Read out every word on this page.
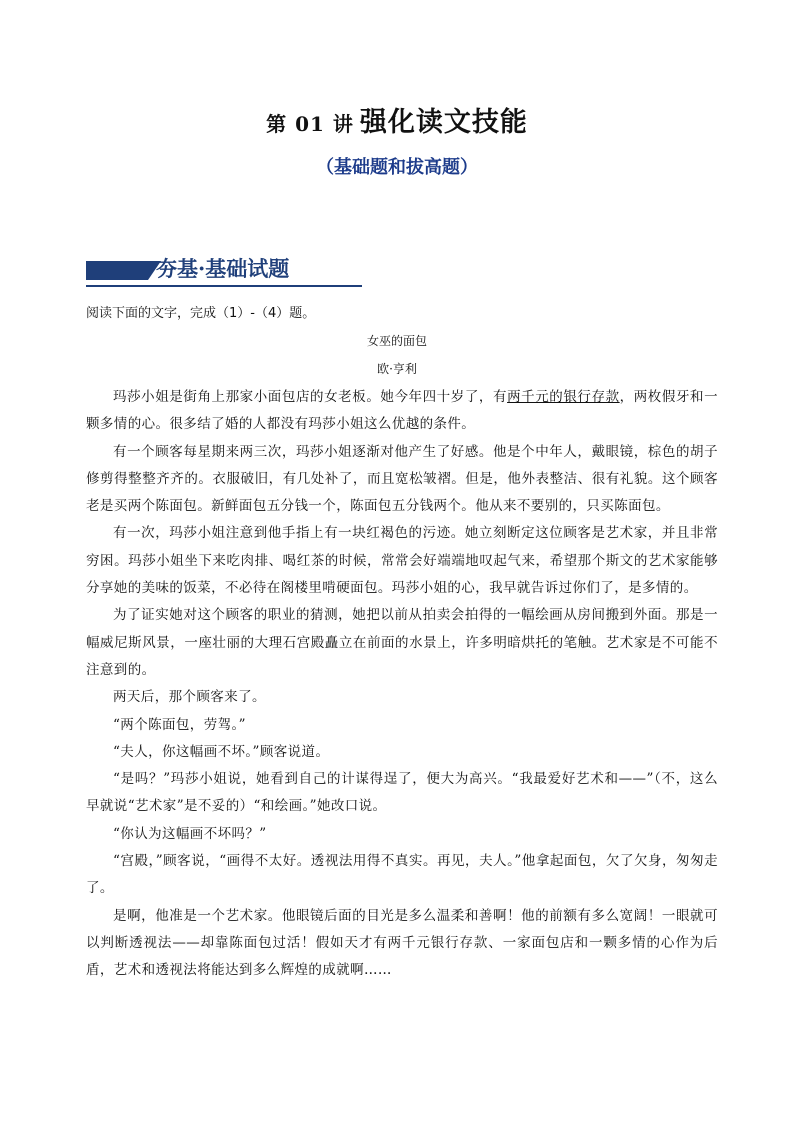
第 01 讲 强化读文技能
（基础题和拔高题）
夯基·基础试题
阅读下面的文字，完成（1）-（4）题。
女巫的面包
欧·亨利

玛莎小姐是街角上那家小面包店的女老板。她今年四十岁了，有两千元的银行存款，两枚假牙和一颗多情的心。很多结了婚的人都没有玛莎小姐这么优越的条件。

有一个顾客每星期来两三次，玛莎小姐逐渐对他产生了好感。他是个中年人，戴眼镜，棕色的胡子修剪得整整齐齐的。衣服破旧，有几处补了，而且宽松皱褶。但是，他外表整洁、很有礼貌。这个顾客老是买两个陈面包。新鲜面包五分钱一个，陈面包五分钱两个。他从来不要别的，只买陈面包。

有一次，玛莎小姐注意到他手指上有一块红褐色的污迹。她立刻断定这位顾客是艺术家，并且非常穷困。玛莎小姐坐下来吃肉排、喝红茶的时候，常常会好端端地叹起气来，希望那个斯文的艺术家能够分享她的美味的饭菜，不必待在阁楼里啃硬面包。玛莎小姐的心，我早就告诉过你们了，是多情的。

为了证实她对这个顾客的职业的猜测，她把以前从拍卖会拍得的一幅绘画从房间搬到外面。那是一幅威尼斯风景，一座壮丽的大理石宫殿矗立在前面的水景上，许多明暗烘托的笔触。艺术家是不可能不注意到的。

两天后，那个顾客来了。

“两个陈面包，劳驾。”

“夫人，你这幅画不坏。”顾客说道。

“是吗？”玛莎小姐说，她看到自己的计谋得逞了，便大为高兴。“我最爱好艺术和——”（不，这么早就说“艺术家”是不妥的）“和绘画。”她改口说。

“你认为这幅画不坏吗？”

“宫殿，”顾客说，“画得不太好。透视法用得不真实。再见，夫人。”他拿起面包，欠了欠身，匆匆走了。

是啊，他准是一个艺术家。他眼镜后面的目光是多么温柔和善啊！他的前额有多么宽阔！一眼就可以判断透视法——却靠陈面包过活！假如天才有两千元银行存款、一家面包店和一颗多情的心作为后盾，艺术和透视法将能达到多么辉煌的成就啊……
